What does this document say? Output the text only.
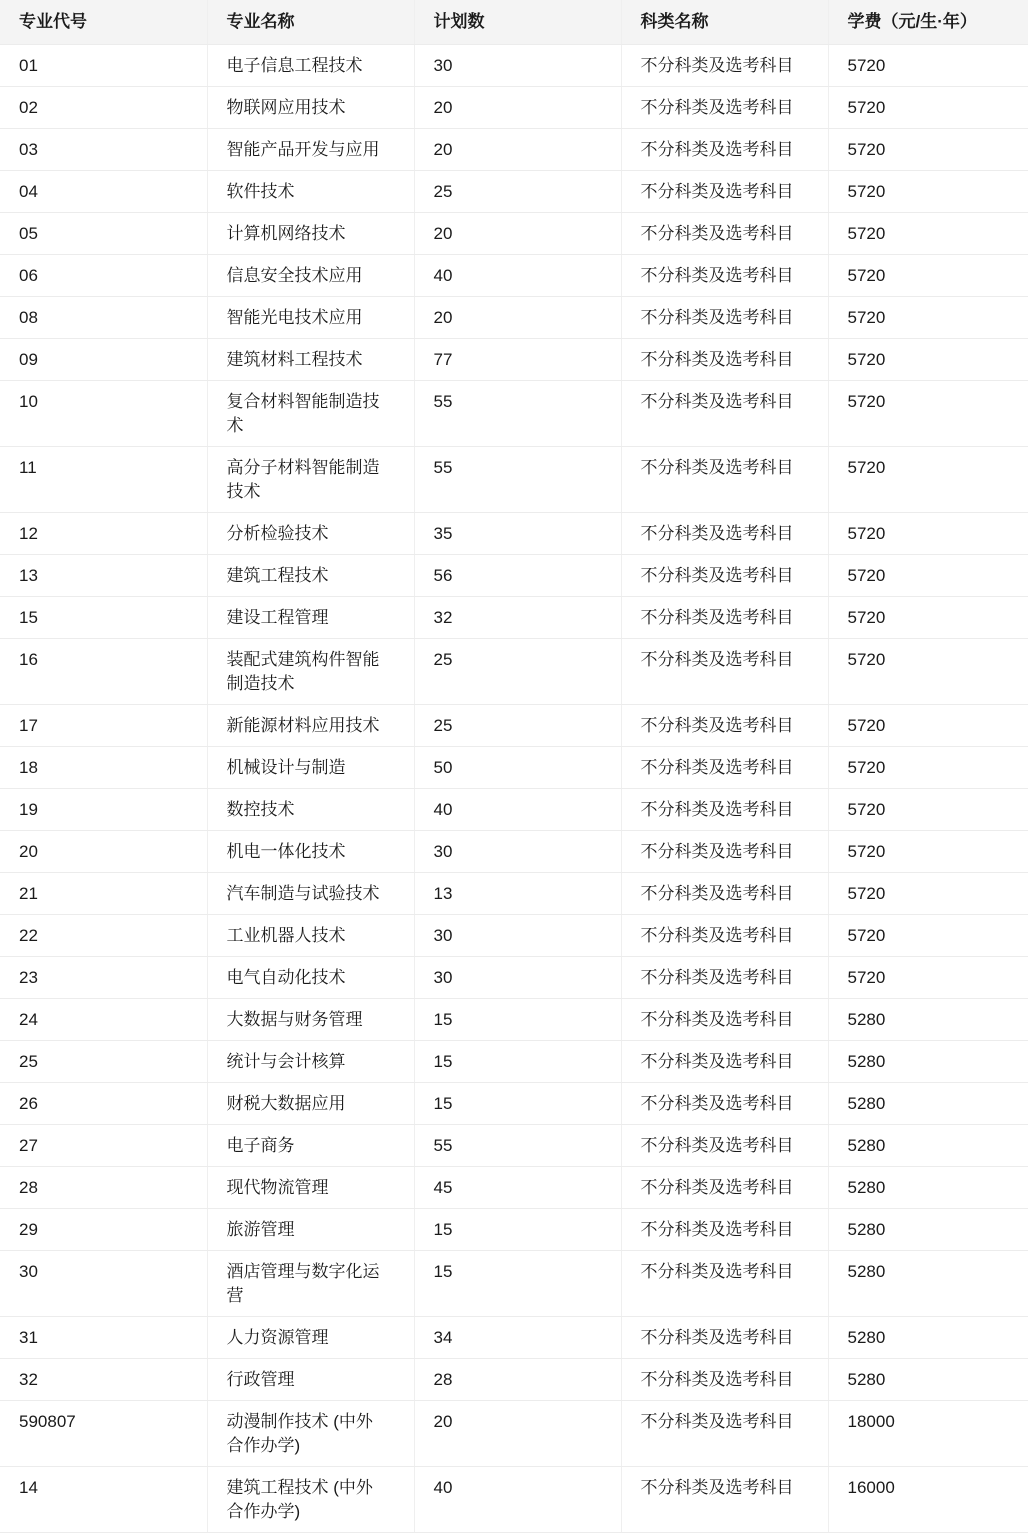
专业代号	专业名称	计划数	科类名称	学费（元/生·年）
01	电子信息工程技术	30	不分科类及选考科目	5720
02	物联网应用技术	20	不分科类及选考科目	5720
03	智能产品开发与应用	20	不分科类及选考科目	5720
04	软件技术	25	不分科类及选考科目	5720
05	计算机网络技术	20	不分科类及选考科目	5720
06	信息安全技术应用	40	不分科类及选考科目	5720
08	智能光电技术应用	20	不分科类及选考科目	5720
09	建筑材料工程技术	77	不分科类及选考科目	5720
10	复合材料智能制造技术	55	不分科类及选考科目	5720
11	高分子材料智能制造技术	55	不分科类及选考科目	5720
12	分析检验技术	35	不分科类及选考科目	5720
13	建筑工程技术	56	不分科类及选考科目	5720
15	建设工程管理	32	不分科类及选考科目	5720
16	装配式建筑构件智能制造技术	25	不分科类及选考科目	5720
17	新能源材料应用技术	25	不分科类及选考科目	5720
18	机械设计与制造	50	不分科类及选考科目	5720
19	数控技术	40	不分科类及选考科目	5720
20	机电一体化技术	30	不分科类及选考科目	5720
21	汽车制造与试验技术	13	不分科类及选考科目	5720
22	工业机器人技术	30	不分科类及选考科目	5720
23	电气自动化技术	30	不分科类及选考科目	5720
24	大数据与财务管理	15	不分科类及选考科目	5280
25	统计与会计核算	15	不分科类及选考科目	5280
26	财税大数据应用	15	不分科类及选考科目	5280
27	电子商务	55	不分科类及选考科目	5280
28	现代物流管理	45	不分科类及选考科目	5280
29	旅游管理	15	不分科类及选考科目	5280
30	酒店管理与数字化运营	15	不分科类及选考科目	5280
31	人力资源管理	34	不分科类及选考科目	5280
32	行政管理	28	不分科类及选考科目	5280
590807	动漫制作技术 (中外合作办学)	20	不分科类及选考科目	18000
14	建筑工程技术 (中外合作办学)	40	不分科类及选考科目	16000
